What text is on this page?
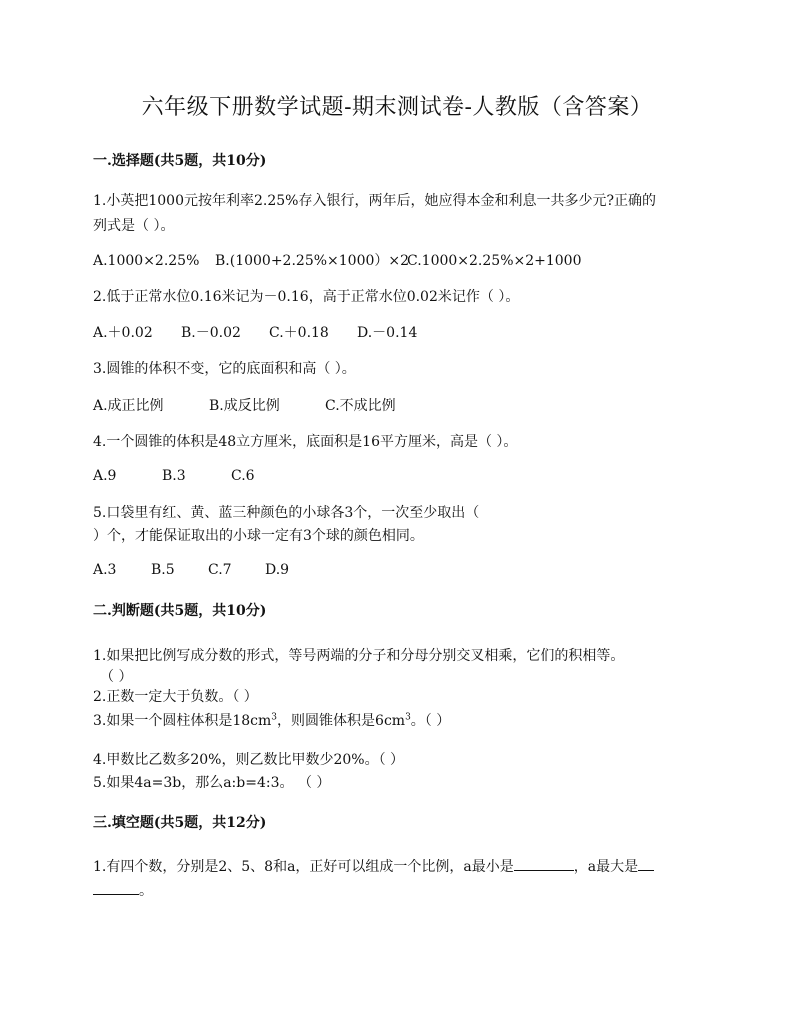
六年级下册数学试题-期末测试卷-人教版（含答案）
一.选择题(共5题，共10分)
1.小英把1000元按年利率2.25%存入银行，两年后，她应得本金和利息一共多少元?正确的
列式是（ ）。
A.1000×2.25% B.(1000+2.25%×1000）×2C.1000×2.25%×2+1000
2.低于正常水位0.16米记为－0.16，高于正常水位0.02米记作（ ）。
A.＋0.02 B.－0.02 C.＋0.18 D.－0.14
3.圆锥的体积不变，它的底面积和高（ ）。
A.成正比例	B.成反比例	C.不成比例
4.一个圆锥的体积是48立方厘米，底面积是16平方厘米，高是（ ）。
A.9	B.3	C.6
5.口袋里有红、黄、蓝三种颜色的小球各3个，一次至少取出（
）个，才能保证取出的小球一定有3个球的颜色相同。
A.3 B.5 C.7 D.9
二.判断题(共5题，共10分)
1.如果把比例写成分数的形式，等号两端的分子和分母分别交叉相乘，它们的积相等。
（ ）
2.正数一定大于负数。（ ）
3.如果一个圆柱体积是$18cm^3$，则圆锥体积是$6cm^3$。（ ）
4.甲数比乙数多20%，则乙数比甲数少20%。（ ）
5.如果4a=3b，那么a:b=4:3。 （ ）
三.填空题(共5题，共12分)
1.有四个数，分别是2、5、8和a，正好可以组成一个比例，a最小是	，a最大是
。
